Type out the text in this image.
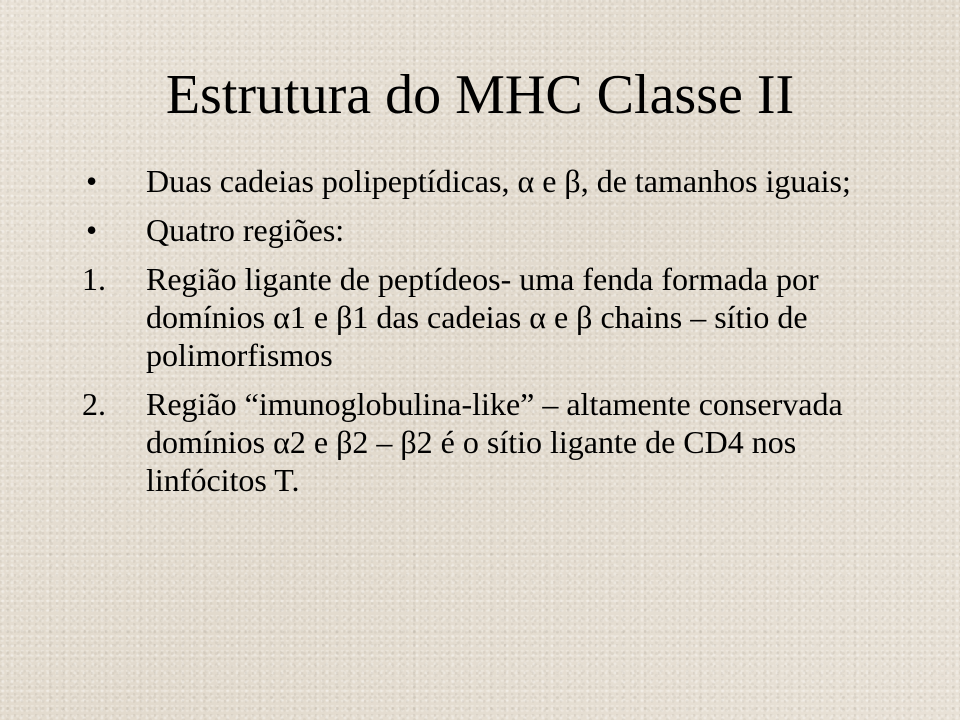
Estrutura do MHC Classe II
•	Duas cadeias polipeptídicas, α e β, de tamanhos iguais;
•	Quatro regiões:
1.	Região ligante de peptídeos- uma fenda formada por domínios α1 e β1 das cadeias α e β chains – sítio de polimorfismos
2.	Região “imunoglobulina-like” – altamente conservada domínios α2 e β2 – β2 é o sítio ligante de CD4 nos linfócitos T.
